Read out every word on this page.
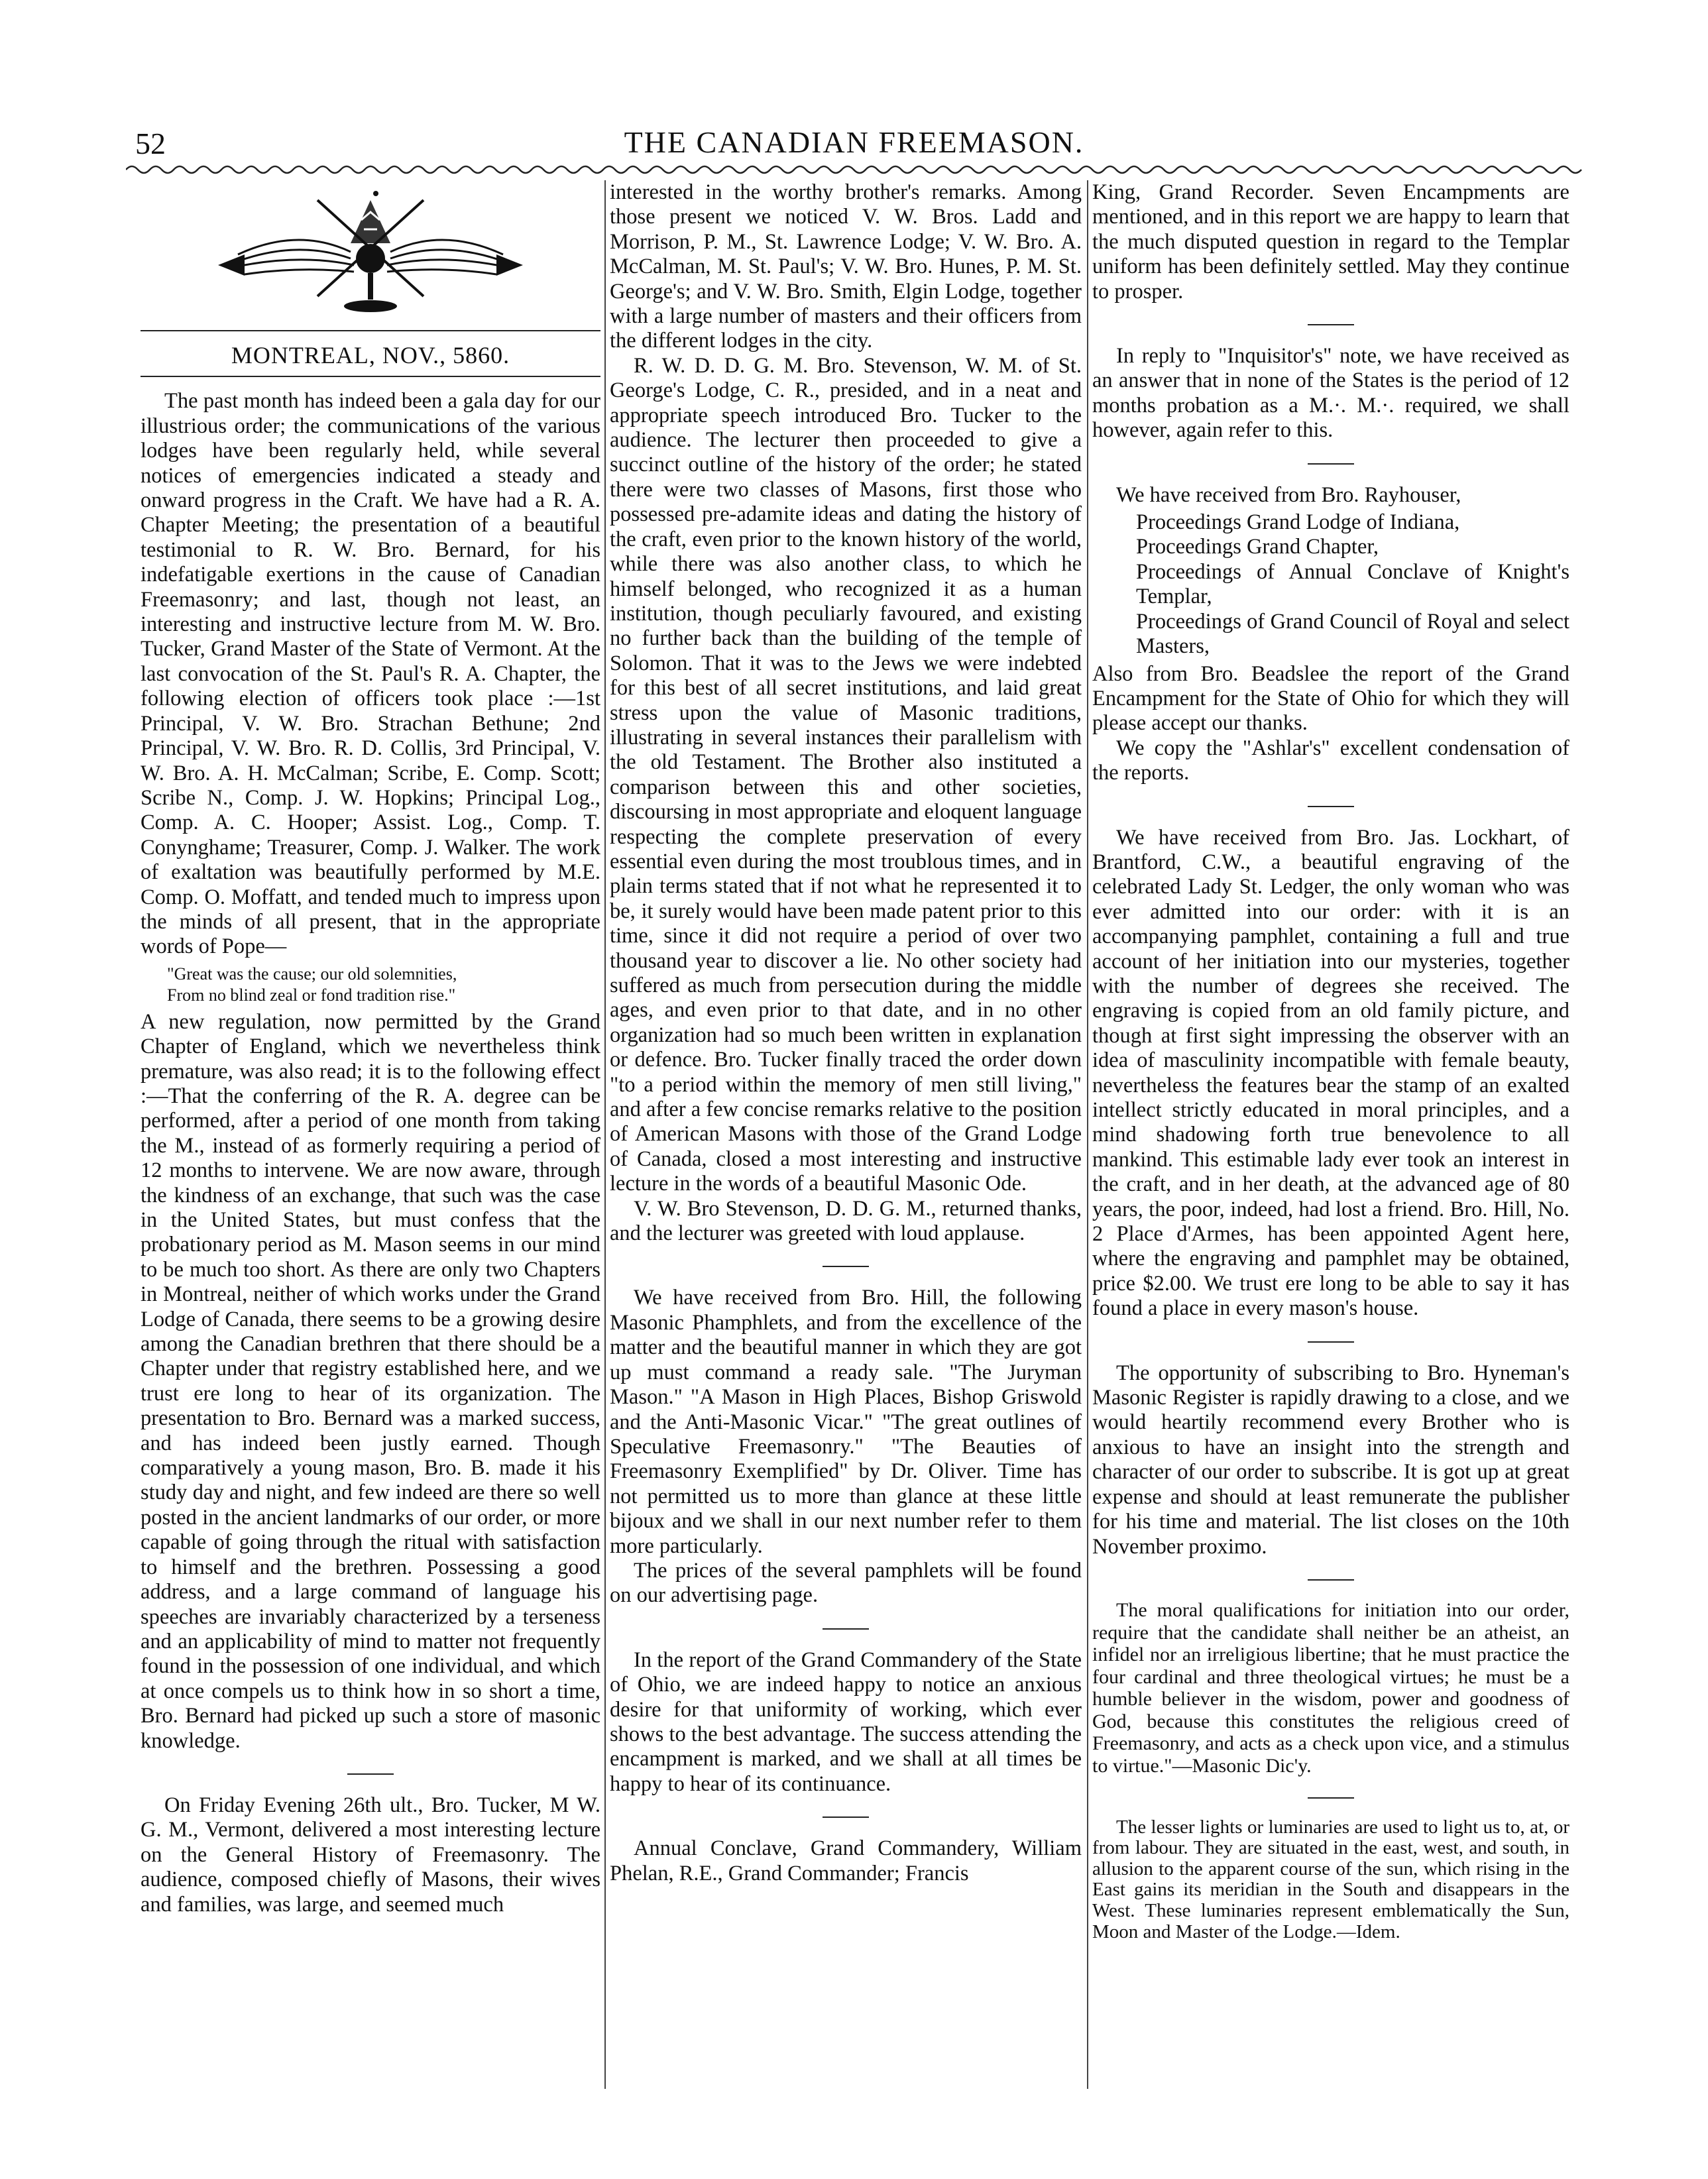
52	THE CANADIAN FREEMASON.
MONTREAL, NOV., 5860.

The past month has indeed been a gala day for our illustrious order; the communications of the various lodges have been regularly held, while several notices of emergencies indicated a steady and onward progress in the Craft. We have had a R. A. Chapter Meeting; the presentation of a beautiful testimonial to R. W. Bro. Bernard, for his indefatigable exertions in the cause of Canadian Freemasonry; and last, though not least, an interesting and instructive lecture from M. W. Bro. Tucker, Grand Master of the State of Vermont. At the last convocation of the St. Paul's R. A. Chapter, the following election of officers took place :—1st Principal, V. W. Bro. Strachan Bethune; 2nd Principal, V. W. Bro. R. D. Collis, 3rd Principal, V. W. Bro. A. H. McCalman; Scribe, E. Comp. Scott; Scribe N., Comp. J. W. Hopkins; Principal Log., Comp. A. C. Hooper; Assist. Log., Comp. T. Conynghame; Treasurer, Comp. J. Walker. The work of exaltation was beautifully performed by M.E. Comp. O. Moffatt, and tended much to impress upon the minds of all present, that in the appropriate words of Pope—

"Great was the cause; our old solemnities,
From no blind zeal or fond tradition rise."

A new regulation, now permitted by the Grand Chapter of England, which we nevertheless think premature, was also read; it is to the following effect :—That the conferring of the R. A. degree can be performed, after a period of one month from taking the M., instead of as formerly requiring a period of 12 months to intervene. We are now aware, through the kindness of an exchange, that such was the case in the United States, but must confess that the probationary period as M. Mason seems in our mind to be much too short. As there are only two Chapters in Montreal, neither of which works under the Grand Lodge of Canada, there seems to be a growing desire among the Canadian brethren that there should be a Chapter under that registry established here, and we trust ere long to hear of its organization. The presentation to Bro. Bernard was a marked success, and has indeed been justly earned. Though comparatively a young mason, Bro. B. made it his study day and night, and few indeed are there so well posted in the ancient landmarks of our order, or more capable of going through the ritual with satisfaction to himself and the brethren. Possessing a good address, and a large command of language his speeches are invariably characterized by a terseness and an applicability of mind to matter not frequently found in the possession of one individual, and which at once compels us to think how in so short a time, Bro. Bernard had picked up such a store of masonic knowledge.

On Friday Evening 26th ult., Bro. Tucker, M W. G. M., Vermont, delivered a most interesting lecture on the General History of Freemasonry. The audience, composed chiefly of Masons, their wives and families, was large, and seemed much

interested in the worthy brother's remarks. Among those present we noticed V. W. Bros. Ladd and Morrison, P. M., St. Lawrence Lodge; V. W. Bro. A. McCalman, M. St. Paul's; V. W. Bro. Hunes, P. M. St. George's; and V. W. Bro. Smith, Elgin Lodge, together with a large number of masters and their officers from the different lodges in the city.

R. W. D. D. G. M. Bro. Stevenson, W. M. of St. George's Lodge, C. R., presided, and in a neat and appropriate speech introduced Bro. Tucker to the audience. The lecturer then proceeded to give a succinct outline of the history of the order; he stated there were two classes of Masons, first those who possessed pre-adamite ideas and dating the history of the craft, even prior to the known history of the world, while there was also another class, to which he himself belonged, who recognized it as a human institution, though peculiarly favoured, and existing no further back than the building of the temple of Solomon. That it was to the Jews we were indebted for this best of all secret institutions, and laid great stress upon the value of Masonic traditions, illustrating in several instances their parallelism with the old Testament. The Brother also instituted a comparison between this and other societies, discoursing in most appropriate and eloquent language respecting the complete preservation of every essential even during the most troublous times, and in plain terms stated that if not what he represented it to be, it surely would have been made patent prior to this time, since it did not require a period of over two thousand year to discover a lie. No other society had suffered as much from persecution during the middle ages, and even prior to that date, and in no other organization had so much been written in explanation or defence. Bro. Tucker finally traced the order down "to a period within the memory of men still living," and after a few concise remarks relative to the position of American Masons with those of the Grand Lodge of Canada, closed a most interesting and instructive lecture in the words of a beautiful Masonic Ode.

V. W. Bro Stevenson, D. D. G. M., returned thanks, and the lecturer was greeted with loud applause.

We have received from Bro. Hill, the following Masonic Phamphlets, and from the excellence of the matter and the beautiful manner in which they are got up must command a ready sale. "The Juryman Mason." "A Mason in High Places, Bishop Griswold and the Anti-Masonic Vicar." "The great outlines of Speculative Freemasonry." "The Beauties of Freemasonry Exemplified" by Dr. Oliver. Time has not permitted us to more than glance at these little bijoux and we shall in our next number refer to them more particularly.

The prices of the several pamphlets will be found on our advertising page.

In the report of the Grand Commandery of the State of Ohio, we are indeed happy to notice an anxious desire for that uniformity of working, which ever shows to the best advantage. The success attending the encampment is marked, and we shall at all times be happy to hear of its continuance.

Annual Conclave, Grand Commandery, William Phelan, R.E., Grand Commander; Francis

King, Grand Recorder. Seven Encampments are mentioned, and in this report we are happy to learn that the much disputed question in regard to the Templar uniform has been definitely settled. May they continue to prosper.

In reply to "Inquisitor's" note, we have received as an answer that in none of the States is the period of 12 months probation as a M.·. M.·. required, we shall however, again refer to this.

We have received from Bro. Rayhouser,

Proceedings Grand Lodge of Indiana,
Proceedings Grand Chapter,
Proceedings of Annual Conclave of Knight's Templar,
Proceedings of Grand Council of Royal and select Masters,

Also from Bro. Beadslee the report of the Grand Encampment for the State of Ohio for which they will please accept our thanks.

We copy the "Ashlar's" excellent condensation of the reports.

We have received from Bro. Jas. Lockhart, of Brantford, C.W., a beautiful engraving of the celebrated Lady St. Ledger, the only woman who was ever admitted into our order: with it is an accompanying pamphlet, containing a full and true account of her initiation into our mysteries, together with the number of degrees she received. The engraving is copied from an old family picture, and though at first sight impressing the observer with an idea of masculinity incompatible with female beauty, nevertheless the features bear the stamp of an exalted intellect strictly educated in moral principles, and a mind shadowing forth true benevolence to all mankind. This estimable lady ever took an interest in the craft, and in her death, at the advanced age of 80 years, the poor, indeed, had lost a friend. Bro. Hill, No. 2 Place d'Armes, has been appointed Agent here, where the engraving and pamphlet may be obtained, price $2.00. We trust ere long to be able to say it has found a place in every mason's house.

The opportunity of subscribing to Bro. Hyneman's Masonic Register is rapidly drawing to a close, and we would heartily recommend every Brother who is anxious to have an insight into the strength and character of our order to subscribe. It is got up at great expense and should at least remunerate the publisher for his time and material. The list closes on the 10th November proximo.

The moral qualifications for initiation into our order, require that the candidate shall neither be an atheist, an infidel nor an irreligious libertine; that he must practice the four cardinal and three theological virtues; he must be a humble believer in the wisdom, power and goodness of God, because this constitutes the religious creed of Freemasonry, and acts as a check upon vice, and a stimulus to virtue."—Masonic Dic'y.

The lesser lights or luminaries are used to light us to, at, or from labour. They are situated in the east, west, and south, in allusion to the apparent course of the sun, which rising in the East gains its meridian in the South and disappears in the West. These luminaries represent emblematically the Sun, Moon and Master of the Lodge.—Idem.
